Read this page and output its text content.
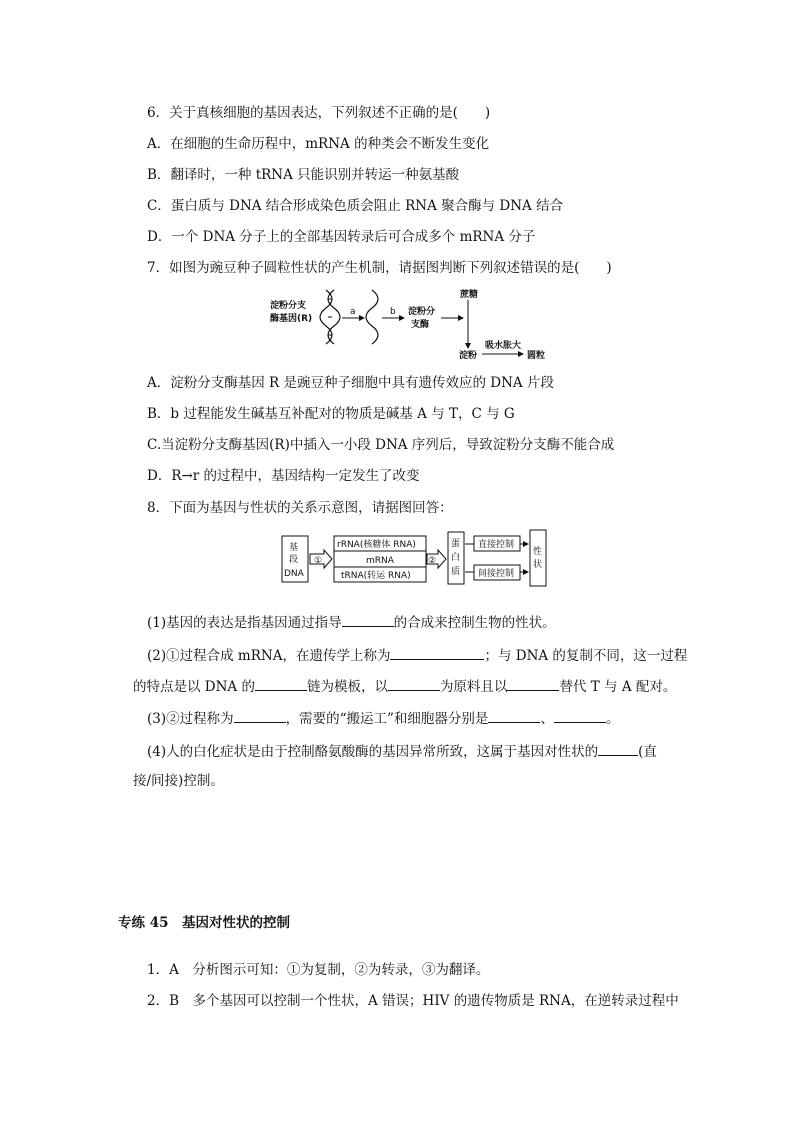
6．关于真核细胞的基因表达，下列叙述不正确的是(　　)
A．在细胞的生命历程中，mRNA 的种类会不断发生变化
B．翻译时，一种 tRNA 只能识别并转运一种氨基酸
C．蛋白质与 DNA 结合形成染色质会阻止 RNA 聚合酶与 DNA 结合
D．一个 DNA 分子上的全部基因转录后可合成多个 mRNA 分子
7．如图为豌豆种子圆粒性状的产生机制，请据图判断下列叙述错误的是(　　)
淀粉分支
酶基因(R)
a	b 淀粉分
支酶
蔗糖
淀粉
吸水胀大
圆粒
A．淀粉分支酶基因 R 是豌豆种子细胞中具有遗传效应的 DNA 片段
B．b 过程能发生碱基互补配对的物质是碱基 A 与 T，C 与 G
C.当淀粉分支酶基因(R)中插入一小段 DNA 序列后，导致淀粉分支酶不能合成
D．R→r 的过程中，基因结构一定发生了改变
8．下面为基因与性状的关系示意图，请据图回答：
基
段
DNA
①
rRNA(核糖体 RNA)
mRNA
tRNA(转运 RNA)
②
蛋
白
质
直接控制
间接控制
性
状
(1)基因的表达是指基因通过指导	的合成来控制生物的性状。
(2)①过程合成 mRNA，在遗传学上称为	；与 DNA 的复制不同，这一过程
的特点是以 DNA 的	链为模板，以	为原料且以	替代 T 与 A 配对。
(3)②过程称为	，需要的“搬运工”和细胞器分别是	、	。
(4)人的白化症状是由于控制酪氨酸酶的基因异常所致，这属于基因对性状的	(直
接/间接)控制。
专练 45　基因对性状的控制
1．A　分析图示可知：①为复制，②为转录，③为翻译。
2．B　多个基因可以控制一个性状，A 错误；HIV 的遗传物质是 RNA，在逆转录过程中
